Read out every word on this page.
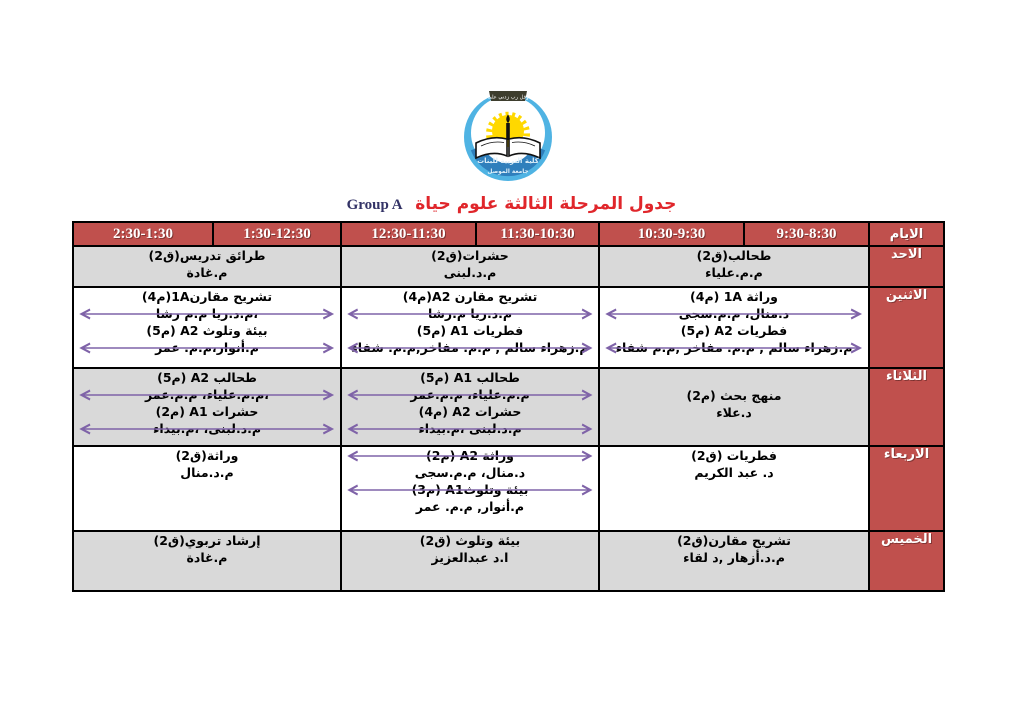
كلية التربية للبنات
جامعة الموصل
وقل رب زدني علما
جدول المرحلة الثالثة علوم حياة Group A
الايام	9:30-8:30	10:30-9:30	11:30-10:30	12:30-11:30	1:30-12:30	2:30-1:30
الاحد	
طحالب(ق2)
م.م.علياء

حشرات(ق2)
م.د.لبنى

طرائق تدريس(ق2)
م.غادة

الاثنين	
وراثة 1A (م4)
د.منال، م.م.سجى
فطريات A2 (م5)
م.زهراء سالم , م.م. مفاخر ,م.م شفاء

تشريح مقارن A2(م4)
م.د.ريا م.رشا
فطريات A1 (م5)
م.زهراء سالم , م.م. مفاخر,م.م. شفاء

تشريح مقارن1A(م4)
،م.د.ريا م.م رشا
بيئة وتلوث A2 (م5)
م.أنوار،م.م. عمر

الثلاثاء	
منهج بحث (م2)
د.علاء

طحالب A1 (م5)
م.م.علياء، م.م.عمر
حشرات A2 (م4)
م.د.لبنى ،م.بيداء

طحالب A2 (م5)
،م.م.علياء، م.م.عمر
حشرات A1 (م2)
م.د.لبنى، ،م.بيداء

الاربعاء	
فطريات (ق2)
د. عبد الكريم

وراثة A2 (م2)
د.منال، م.م.سجى
بيئة وتلوثA1 (م3)
م.أنوار, م.م. عمر

وراثة(ق2)
م.د.منال

الخميس	
تشريح مقارن(ق2)
م.د.أزهار ,د لقاء

بيئة وتلوث (ق2)
ا.د عبدالعزيز

إرشاد تربوي(ق2)
م.غادة
